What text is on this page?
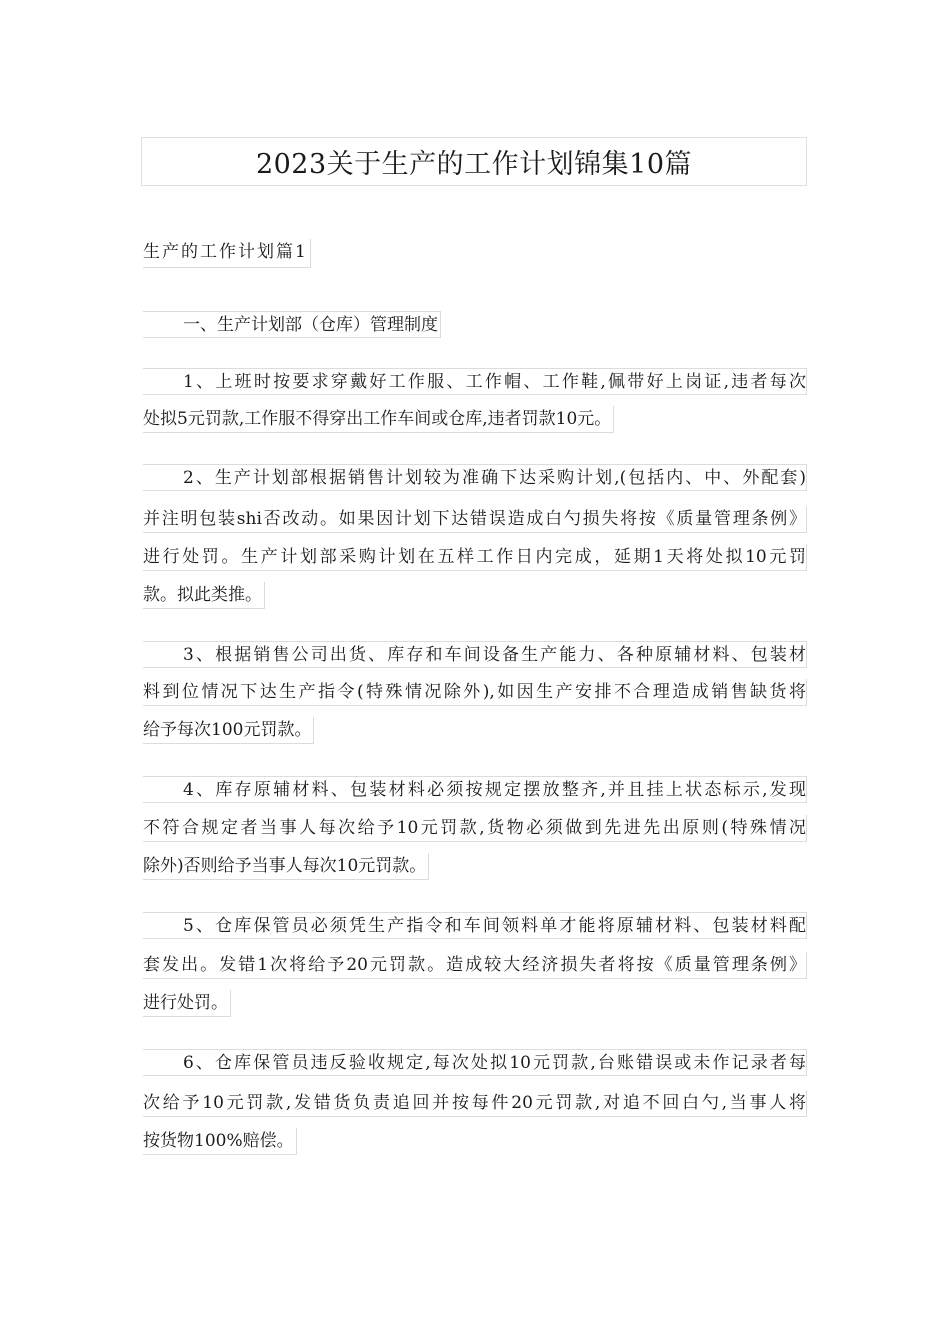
2023关于生产的工作计划锦集10篇
生产的工作计划篇1
一、生产计划部（仓库）管理制度
1、上班时按要求穿戴好工作服、工作帽、工作鞋,佩带好上岗证,违者每次
处拟5元罚款,工作服不得穿出工作车间或仓库,违者罚款10元。
2、生产计划部根据销售计划较为准确下达采购计划,(包括内、中、外配套)
并注明包装shi否改动。如果因计划下达错误造成白勺损失将按《质量管理条例》
进行处罚。生产计划部采购计划在五样工作日内完成，延期1天将处拟10元罚
款。拟此类推。
3、根据销售公司出货、库存和车间设备生产能力、各种原辅材料、包装材
料到位情况下达生产指令(特殊情况除外),如因生产安排不合理造成销售缺货将
给予每次100元罚款。
4、库存原辅材料、包装材料必须按规定摆放整齐,并且挂上状态标示,发现
不符合规定者当事人每次给予10元罚款,货物必须做到先进先出原则(特殊情况
除外)否则给予当事人每次10元罚款。
5、仓库保管员必须凭生产指令和车间领料单才能将原辅材料、包装材料配
套发出。发错1次将给予20元罚款。造成较大经济损失者将按《质量管理条例》
进行处罚。
6、仓库保管员违反验收规定,每次处拟10元罚款,台账错误或未作记录者每
次给予10元罚款,发错货负责追回并按每件20元罚款,对追不回白勺,当事人将
按货物100%赔偿。
